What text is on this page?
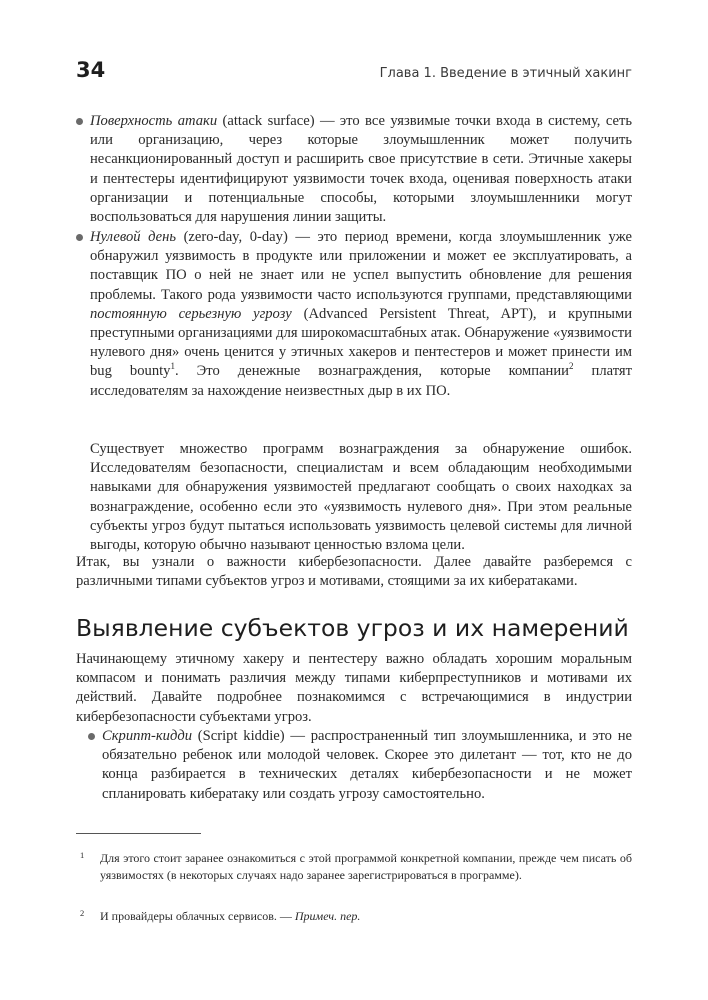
34	Глава 1. Введение в этичный хакинг

Поверхность атаки (attack surface) — это все уязвимые точки входа в систему, сеть или организацию, через которые злоумышленник может получить несанкционированный доступ и расширить свое присутствие в сети. Этичные хакеры и пентестеры идентифицируют уязвимости точек входа, оценивая поверхность атаки организации и потенциальные способы, которыми злоумышленники могут воспользоваться для нарушения линии защиты.

Нулевой день (zero-day, 0-day) — это период времени, когда злоумышленник уже обнаружил уязвимость в продукте или приложении и может ее эксплуатировать, а поставщик ПО о ней не знает или не успел выпустить обновление для решения проблемы. Такого рода уязвимости часто используются группами, представляющими постоянную серьезную угрозу (Advanced Persistent Threat, APT), и крупными преступными организациями для широкомасштабных атак. Обнаружение «уязвимости нулевого дня» очень ценится у этичных хакеров и пентестеров и может принести им bug bounty$^1$. Это денежные вознаграждения, которые компании$^2$ платят исследователям за нахождение неизвестных дыр в их ПО.

Существует множество программ вознаграждения за обнаружение ошибок. Исследователям безопасности, специалистам и всем обладающим необходимыми навыками для обнаружения уязвимостей предлагают сообщать о своих находках за вознаграждение, особенно если это «уязвимость нулевого дня». При этом реальные субъекты угроз будут пытаться использовать уязвимость целевой системы для личной выгоды, которую обычно называют ценностью взлома цели.

Итак, вы узнали о важности кибербезопасности. Далее давайте разберемся с различными типами субъектов угроз и мотивами, стоящими за их кибератаками.

Выявление субъектов угроз и их намерений

Начинающему этичному хакеру и пентестеру важно обладать хорошим моральным компасом и понимать различия между типами киберпреступников и мотивами их действий. Давайте подробнее познакомимся с встречающимися в индустрии кибербезопасности субъектами угроз.

Скрипт-кидди (Script kiddie) — распространенный тип злоумышленника, и это не обязательно ребенок или молодой человек. Скорее это дилетант — тот, кто не до конца разбирается в технических деталях кибербезопасности и не может спланировать кибератаку или создать угрозу самостоятельно.

1	Для этого стоит заранее ознакомиться с этой программой конкретной компании, прежде чем писать об уязвимостях (в некоторых случаях надо заранее зарегистрироваться в программе).
2	И провайдеры облачных сервисов. — Примеч. пер.
